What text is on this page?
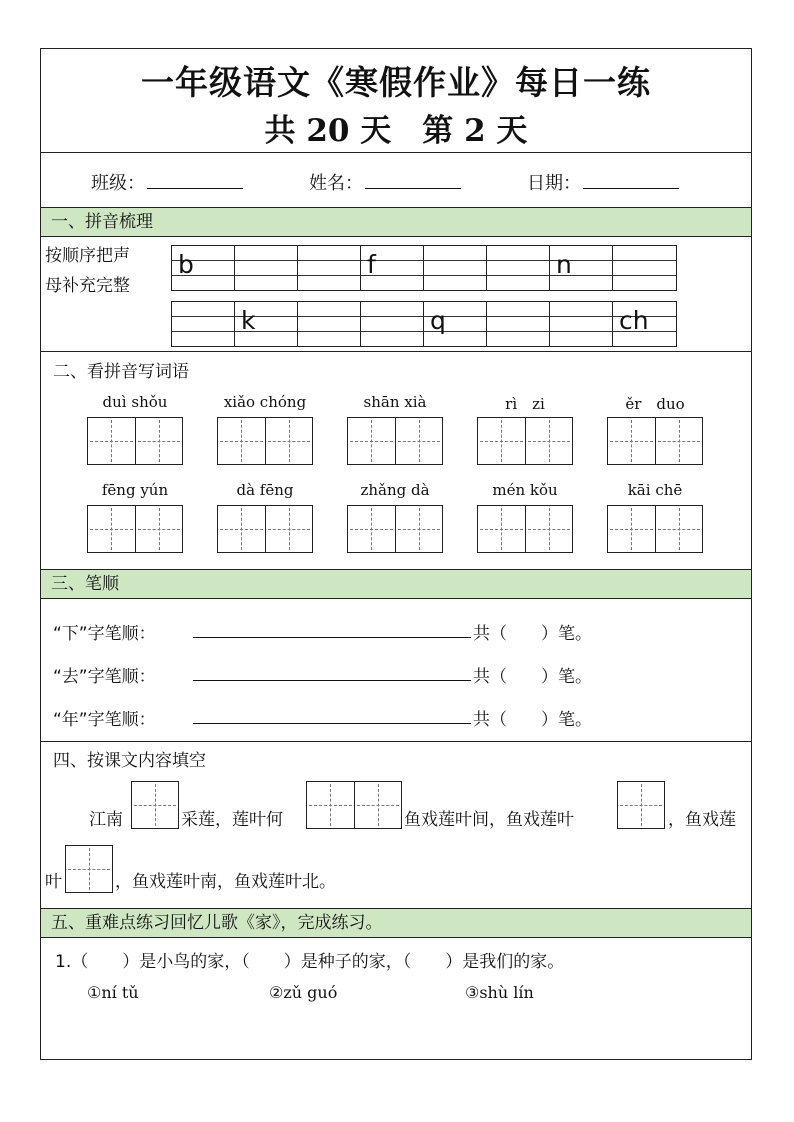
一年级语文《寒假作业》每日一练
共 20 天　第 2 天
班级：	姓名：	日期：
一、拼音梳理
按顺序把声
母补充完整
b	f	n
k	q	ch
二、看拼音写词语
duì shǒu	xiǎo chóng	shān xià	rì　zi	ěr　duo
fēng yún	dà fēng	zhǎng dà	mén kǒu	kāi chē
三、笔顺
“下”字笔顺：	共（　　）笔。
“去”字笔顺：	共（　　）笔。
“年”字笔顺：	共（　　）笔。
四、按课文内容填空
江南	采莲，莲叶何	鱼戏莲叶间，鱼戏莲叶	，鱼戏莲
叶	，鱼戏莲叶南，鱼戏莲叶北。
五、重难点练习回忆儿歌《家》，完成练习。
1.（　　）是小鸟的家，（　　）是种子的家，（　　）是我们的家。
①ní tǔ	②zǔ guó	③shù lín
